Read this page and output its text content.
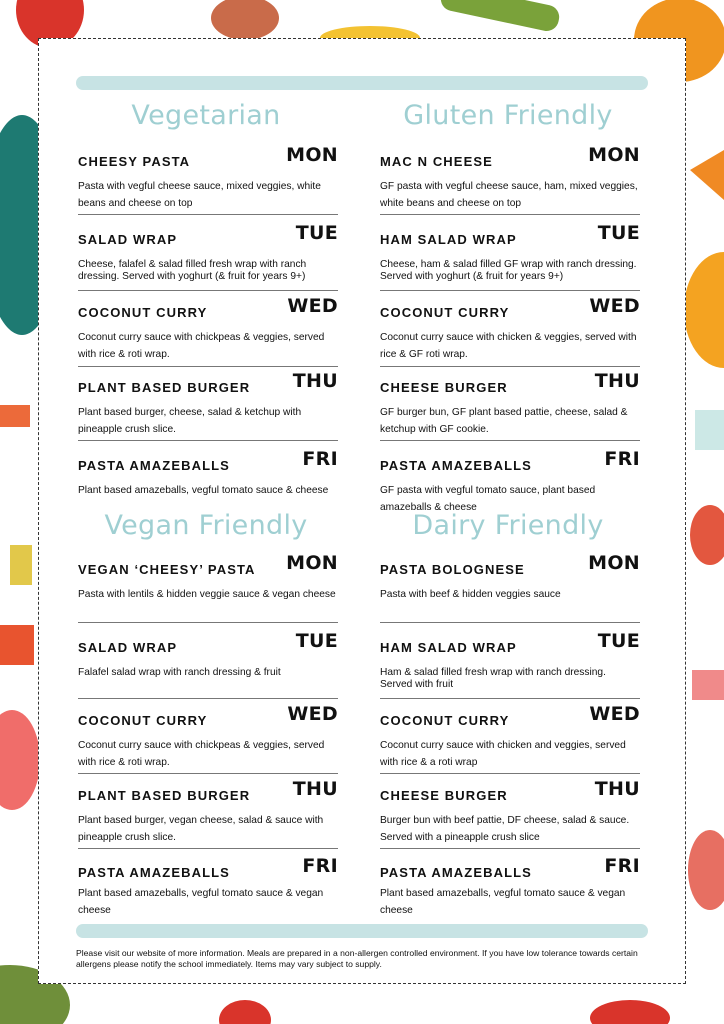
Vegetarian
CHEESY PASTA	MON
Pasta with vegful cheese sauce, mixed veggies, white beans and cheese on top
SALAD WRAP	TUE
Cheese, falafel & salad filled fresh wrap with ranch dressing. Served with yoghurt (& fruit for years 9+)
COCONUT CURRY	WED
Coconut curry sauce with chickpeas & veggies, served with rice & roti wrap.
PLANT BASED BURGER THU
Plant based burger, cheese, salad & ketchup with pineapple crush slice.
PASTA AMAZEBALLS	FRI
Plant based amazeballs, vegful tomato sauce & cheese
Gluten Friendly
MAC N CHEESE	MON
GF pasta with vegful cheese sauce, ham, mixed veggies, white beans and cheese on top
HAM SALAD WRAP	TUE
Cheese, ham & salad filled GF wrap with ranch dressing. Served with yoghurt (& fruit for years 9+)
COCONUT CURRY	WED
Coconut curry sauce with chicken & veggies, served with rice & GF roti wrap.
CHEESE BURGER	THU
GF burger bun, GF plant based pattie, cheese, salad & ketchup with GF cookie.
PASTA AMAZEBALLS	FRI
GF pasta with vegful tomato sauce, plant based amazeballs & cheese
Vegan Friendly
VEGAN ‘CHEESY’ PASTA MON
Pasta with lentils & hidden veggie sauce & vegan cheese
SALAD WRAP	TUE
Falafel salad wrap with ranch dressing & fruit
COCONUT CURRY	WED
Coconut curry sauce with chickpeas & veggies, served with rice & roti wrap.
PLANT BASED BURGER THU
Plant based burger, vegan cheese, salad & sauce with pineapple crush slice.
PASTA AMAZEBALLS	FRI
Plant based amazeballs, vegful tomato sauce & vegan cheese
Dairy Friendly
PASTA BOLOGNESE	MON
Pasta with beef & hidden veggies sauce
HAM SALAD WRAP	TUE
Ham & salad filled fresh wrap with ranch dressing. Served with fruit
COCONUT CURRY	WED
Coconut curry sauce with chicken and veggies, served with rice & a roti wrap
CHEESE BURGER	THU
Burger bun with beef pattie, DF cheese, salad & sauce. Served with a pineapple crush slice
PASTA AMAZEBALLS	FRI
Plant based amazeballs, vegful tomato sauce & vegan cheese
Please visit our website of more information. Meals are prepared in a non-allergen controlled environment. If you have low tolerance towards certain allergens please notify the school immediately. Items may vary subject to supply.
